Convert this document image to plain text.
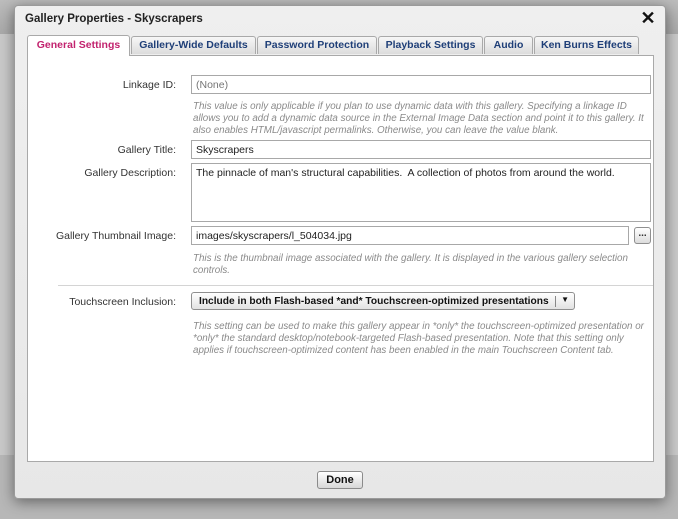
Gallery Properties - Skyscrapers	✕
General Settings	Gallery-Wide Defaults	Password Protection	Playback Settings	Audio	Ken Burns Effects
Linkage ID:
(None)
This value is only applicable if you plan to use dynamic data with this gallery. Specifying a linkage ID allows you to add a dynamic data source in the External Image Data section and point it to this gallery. It also enables HTML/javascript permalinks. Otherwise, you can leave the value blank.
Gallery Title:
Skyscrapers
Gallery Description:
The pinnacle of man's structural capabilities. A collection of photos from around the world.
Gallery Thumbnail Image:
images/skyscrapers/l_504034.jpg	...
This is the thumbnail image associated with the gallery. It is displayed in the various gallery selection controls.
Touchscreen Inclusion: Include in both Flash-based *and* Touchscreen-optimized presentations ▼
This setting can be used to make this gallery appear in *only* the touchscreen-optimized presentation or *only* the standard desktop/notebook-targeted Flash-based presentation. Note that this setting only applies if touchscreen-optimized content has been enabled in the main Touchscreen Content tab.
Done
